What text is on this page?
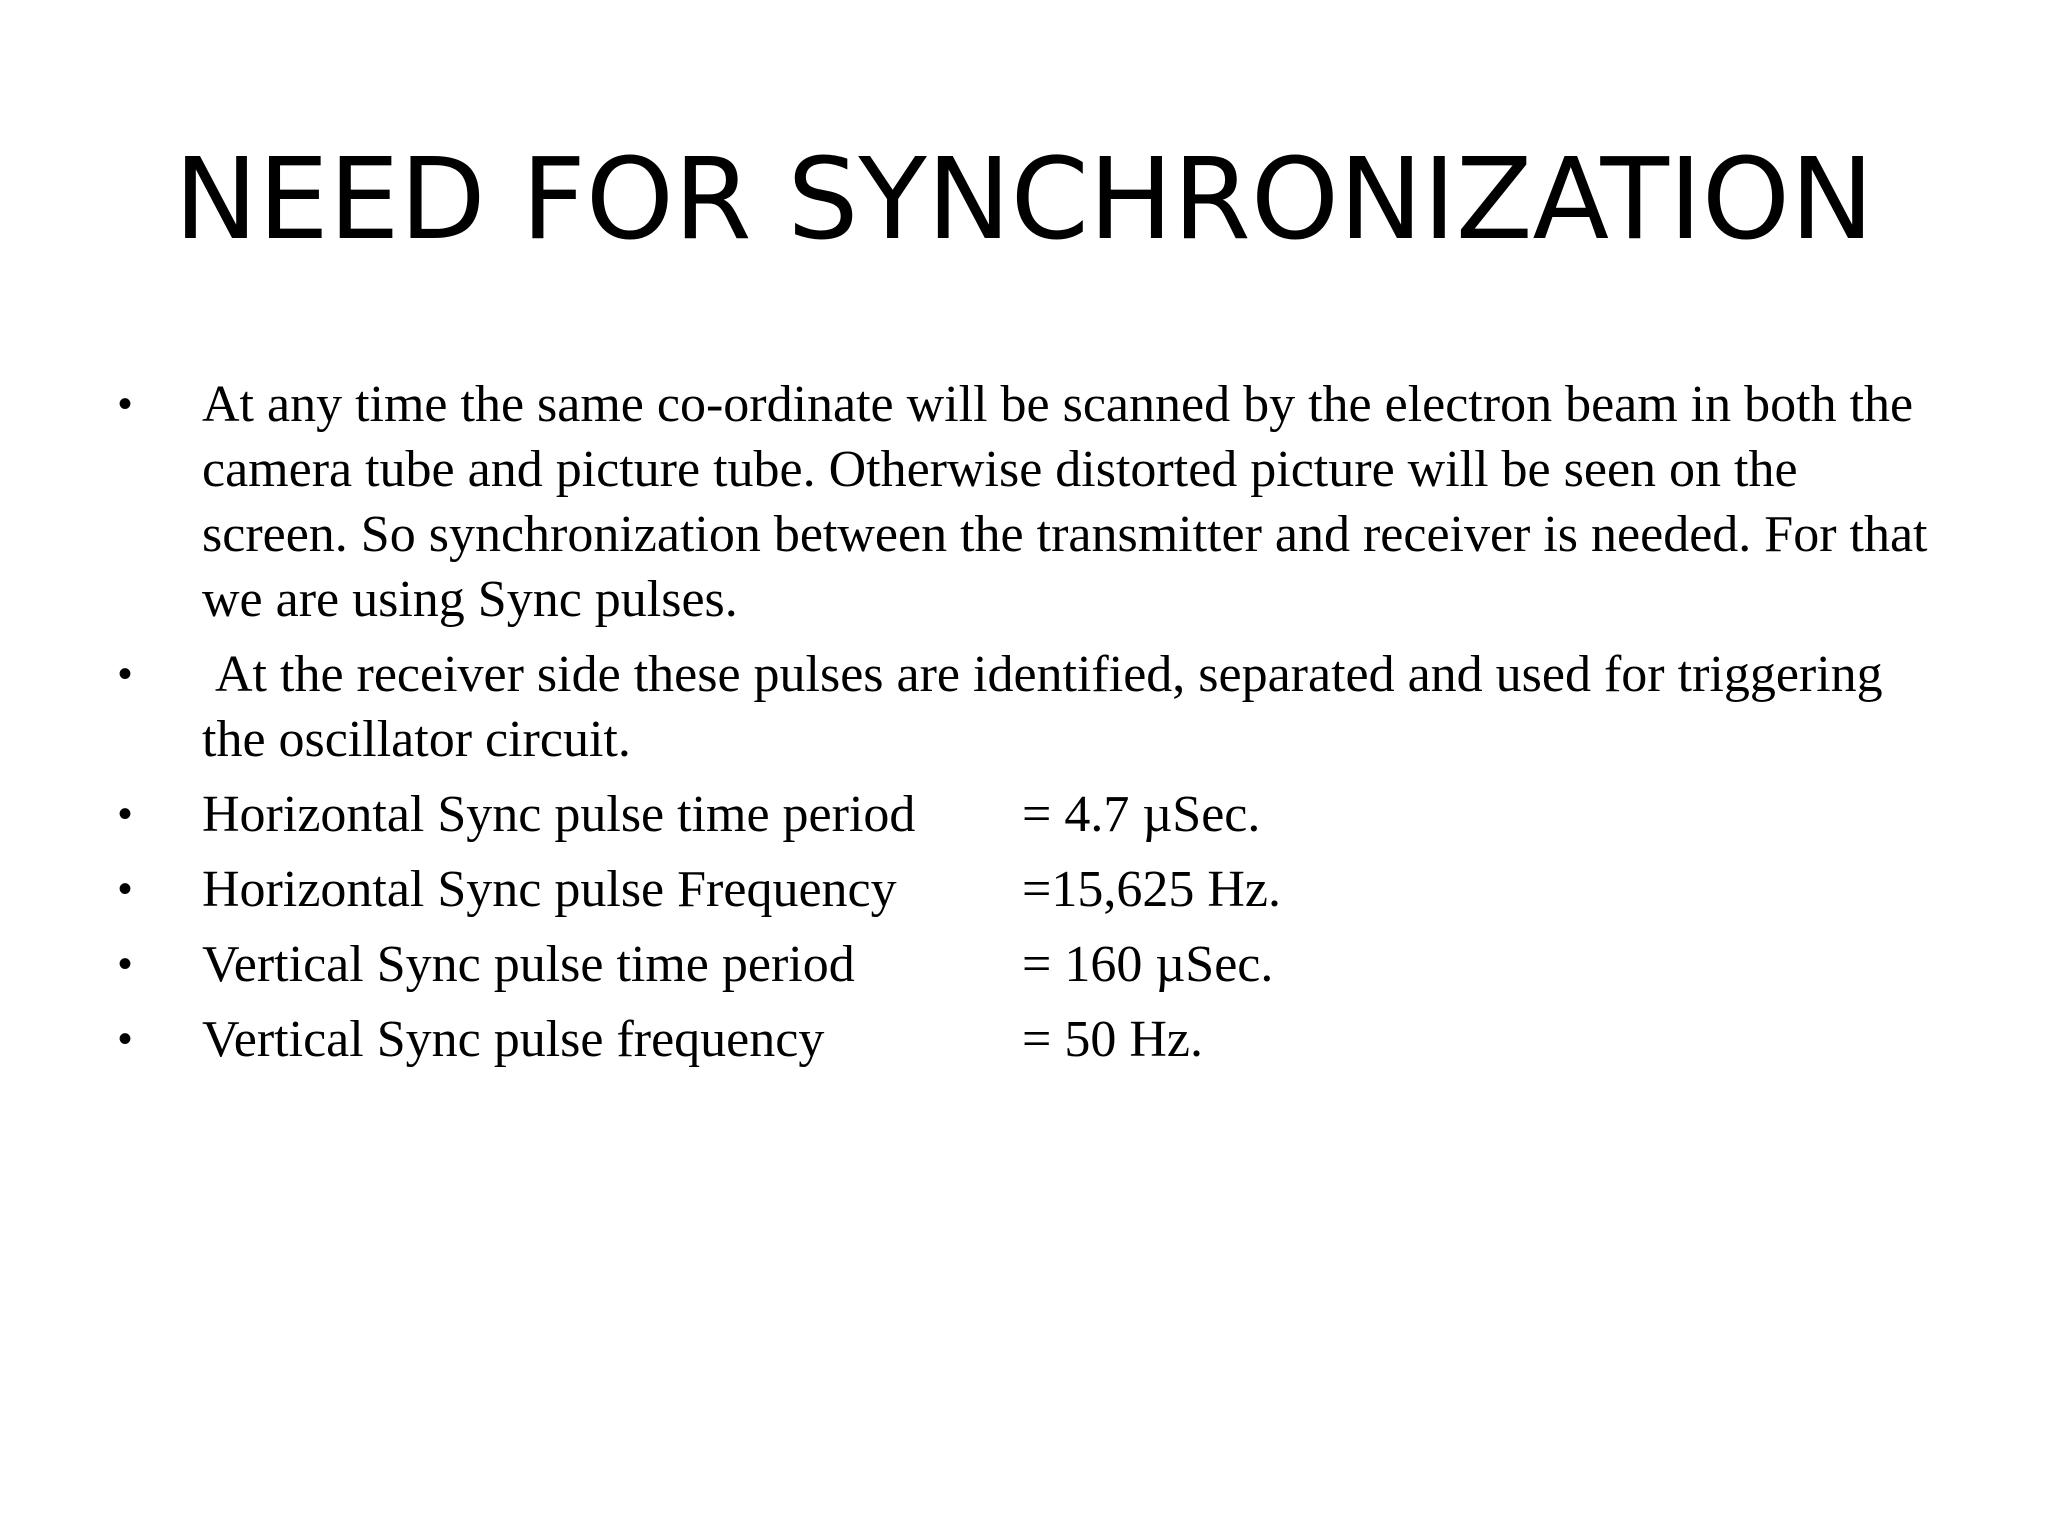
NEED FOR SYNCHRONIZATION
•	At any time the same co-ordinate will be scanned by the electron beam in both the camera tube and picture tube. Otherwise distorted picture will be seen on the screen. So synchronization between the transmitter and receiver is needed. For that we are using Sync pulses.
•	At the receiver side these pulses are identified, separated and used for triggering the oscillator circuit.
•	Horizontal Sync pulse time period = 4.7 µSec.
•	Horizontal Sync pulse Frequency =15,625 Hz.
•	Vertical Sync pulse time period	= 160 µSec.
•	Vertical Sync pulse frequency	= 50 Hz.
